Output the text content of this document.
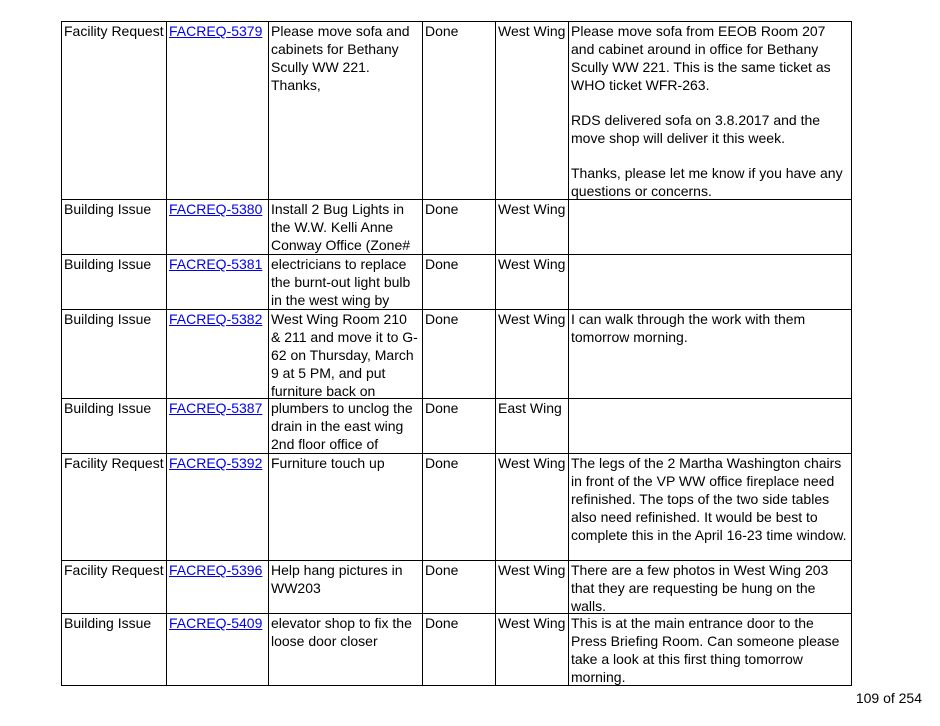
Facility Request	FACREQ-5379	Please move sofa and cabinets for Bethany Scully WW 221. Thanks,	Done	West Wing	Please move sofa from EEOB Room 207 and cabinet around in office for Bethany Scully WW 221. This is the same ticket as WHO ticket WFR-263.

RDS delivered sofa on 3.8.2017 and the move shop will deliver it this week.

Thanks, please let me know if you have any questions or concerns.

Building Issue	FACREQ-5380	Install 2 Bug Lights in the W.W. Kelli Anne Conway Office (Zone#	Done	West Wing	

Building Issue	FACREQ-5381	electricians to replace the burnt-out light bulb in the west wing by	Done	West Wing	

Building Issue	FACREQ-5382	West Wing Room 210 & 211 and move it to G-62 on Thursday, March 9 at 5 PM, and put furniture back on	Done	West Wing	I can walk through the work with them tomorrow morning.

Building Issue	FACREQ-5387	plumbers to unclog the drain in the east wing 2nd floor office of	Done	East Wing	

Facility Request	FACREQ-5392	Furniture touch up	Done	West Wing	The legs of the 2 Martha Washington chairs in front of the VP WW office fireplace need refinished. The tops of the two side tables also need refinished. It would be best to complete this in the April 16-23 time window.

Facility Request	FACREQ-5396	Help hang pictures in WW203	Done	West Wing	There are a few photos in West Wing 203 that they are requesting be hung on the walls.

Building Issue	FACREQ-5409	elevator shop to fix the loose door closer	Done	West Wing	This is at the main entrance door to the Press Briefing Room. Can someone please take a look at this first thing tomorrow morning.

109 of 254
